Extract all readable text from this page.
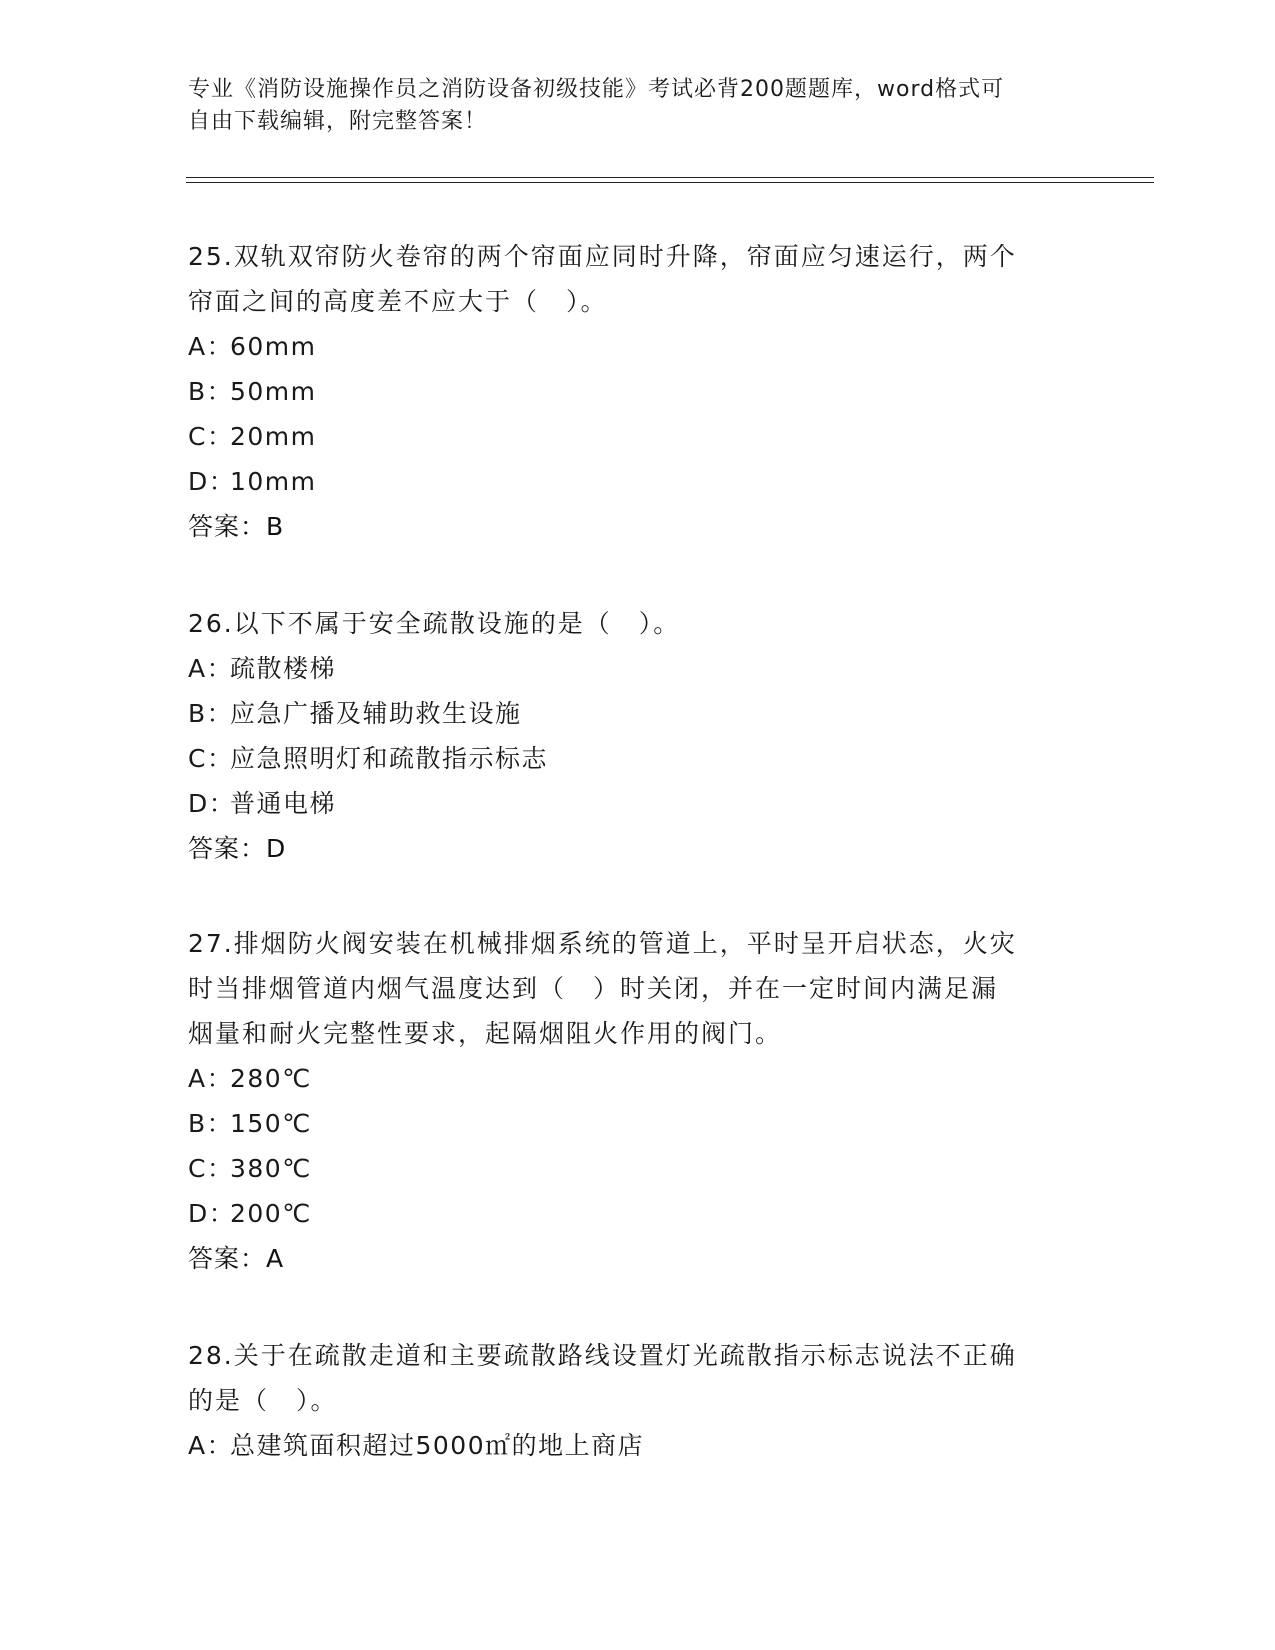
专业《消防设施操作员之消防设备初级技能》考试必背200题题库，word格式可
自由下载编辑，附完整答案！
25.双轨双帘防火卷帘的两个帘面应同时升降，帘面应匀速运行，两个
帘面之间的高度差不应大于（　）。
A：60mm
B：50mm
C：20mm
D：10mm
答案：B
26.以下不属于安全疏散设施的是（　）。
A：疏散楼梯
B：应急广播及辅助救生设施
C：应急照明灯和疏散指示标志
D：普通电梯
答案：D
27.排烟防火阀安装在机械排烟系统的管道上，平时呈开启状态，火灾
时当排烟管道内烟气温度达到（　）时关闭，并在一定时间内满足漏
烟量和耐火完整性要求，起隔烟阻火作用的阀门。
A：280℃
B：150℃
C：380℃
D：200℃
答案：A
28.关于在疏散走道和主要疏散路线设置灯光疏散指示标志说法不正确
的是（　）。
A：总建筑面积超过5000㎡的地上商店
